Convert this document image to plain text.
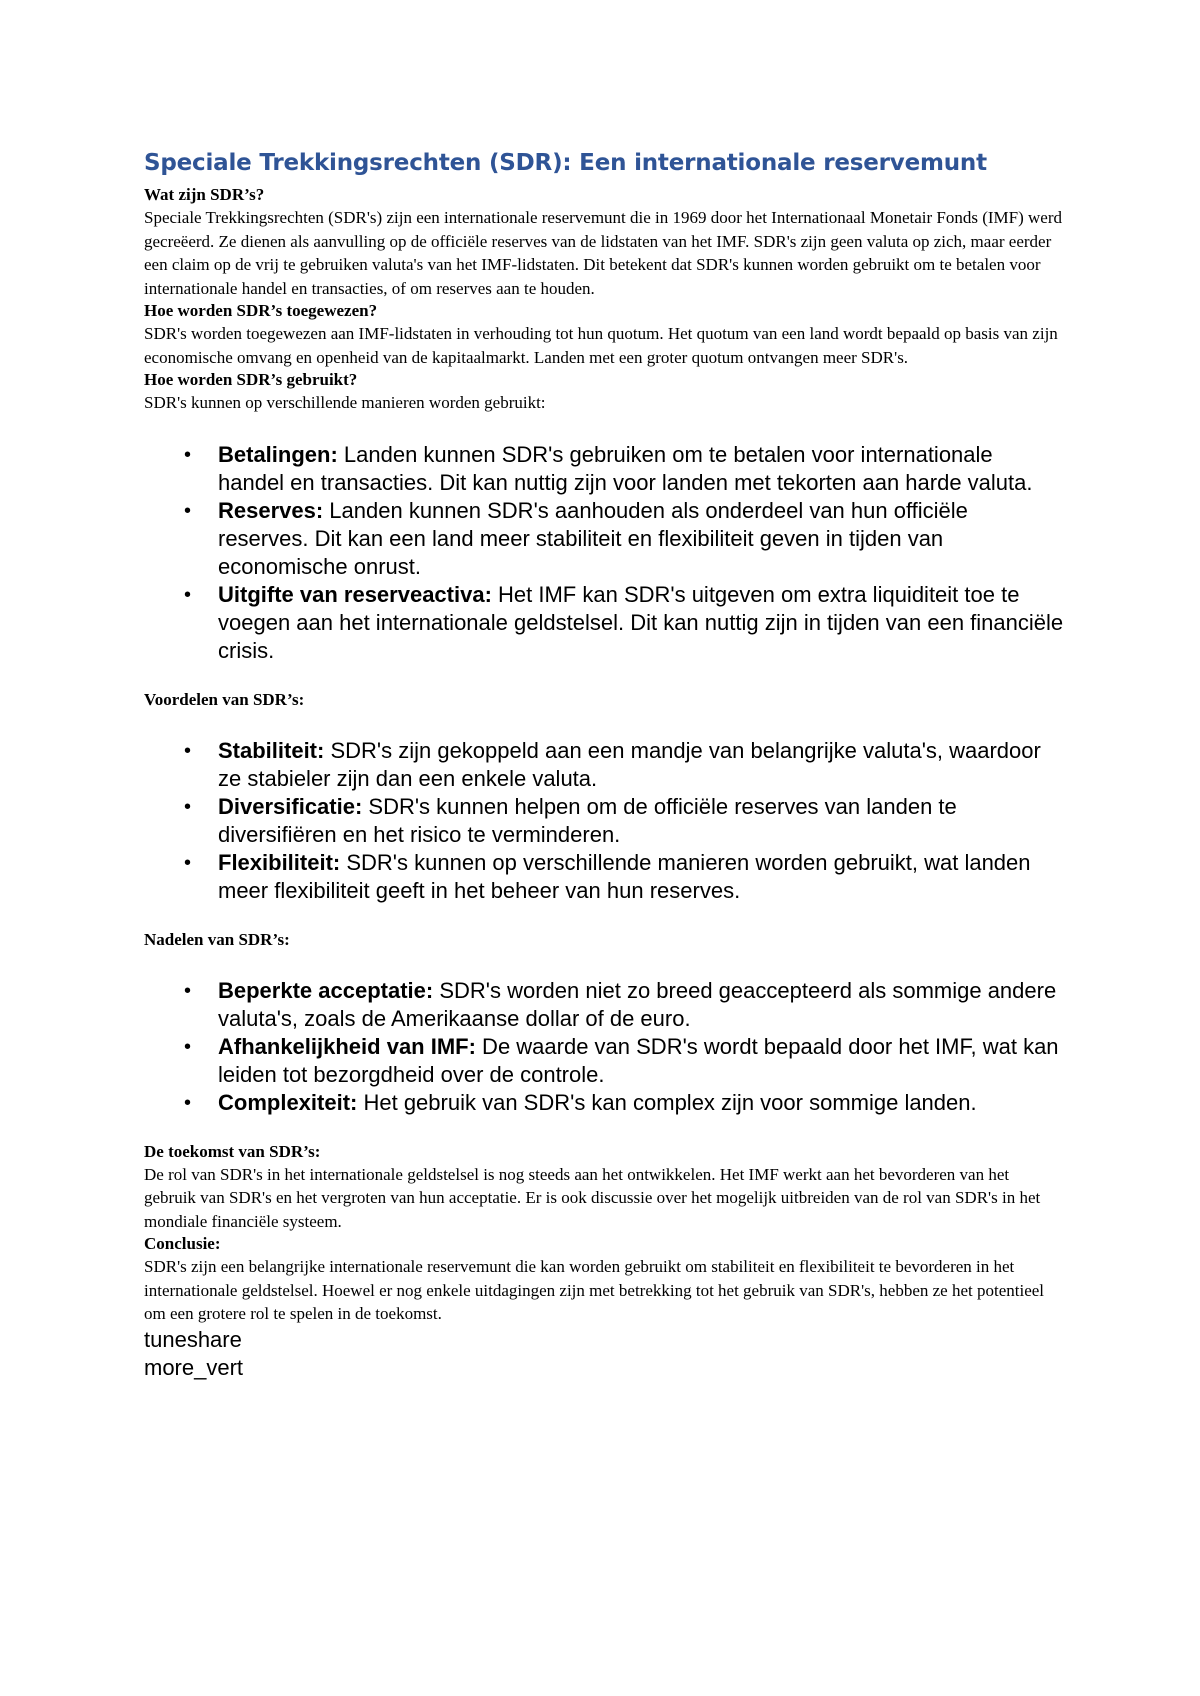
Speciale Trekkingsrechten (SDR): Een internationale reservemunt

Wat zijn SDR’s?

Speciale Trekkingsrechten (SDR's) zijn een internationale reservemunt die in 1969 door het Internationaal Monetair Fonds (IMF) werd gecreëerd. Ze dienen als aanvulling op de officiële reserves van de lidstaten van het IMF. SDR's zijn geen valuta op zich, maar eerder een claim op de vrij te gebruiken valuta's van het IMF-lidstaten. Dit betekent dat SDR's kunnen worden gebruikt om te betalen voor internationale handel en transacties, of om reserves aan te houden.

Hoe worden SDR’s toegewezen?

SDR's worden toegewezen aan IMF-lidstaten in verhouding tot hun quotum. Het quotum van een land wordt bepaald op basis van zijn economische omvang en openheid van de kapitaalmarkt. Landen met een groter quotum ontvangen meer SDR's.

Hoe worden SDR’s gebruikt?

SDR's kunnen op verschillende manieren worden gebruikt:

• Betalingen: Landen kunnen SDR's gebruiken om te betalen voor internationale handel en transacties. Dit kan nuttig zijn voor landen met tekorten aan harde valuta.
• Reserves: Landen kunnen SDR's aanhouden als onderdeel van hun officiële reserves. Dit kan een land meer stabiliteit en flexibiliteit geven in tijden van economische onrust.
• Uitgifte van reserveactiva: Het IMF kan SDR's uitgeven om extra liquiditeit toe te voegen aan het internationale geldstelsel. Dit kan nuttig zijn in tijden van een financiële crisis.

Voordelen van SDR’s:

• Stabiliteit: SDR's zijn gekoppeld aan een mandje van belangrijke valuta's, waardoor ze stabieler zijn dan een enkele valuta.
• Diversificatie: SDR's kunnen helpen om de officiële reserves van landen te diversifiëren en het risico te verminderen.
• Flexibiliteit: SDR's kunnen op verschillende manieren worden gebruikt, wat landen meer flexibiliteit geeft in het beheer van hun reserves.

Nadelen van SDR’s:

• Beperkte acceptatie: SDR's worden niet zo breed geaccepteerd als sommige andere valuta's, zoals de Amerikaanse dollar of de euro.
• Afhankelijkheid van IMF: De waarde van SDR's wordt bepaald door het IMF, wat kan leiden tot bezorgdheid over de controle.
• Complexiteit: Het gebruik van SDR's kan complex zijn voor sommige landen.

De toekomst van SDR’s:

De rol van SDR's in het internationale geldstelsel is nog steeds aan het ontwikkelen. Het IMF werkt aan het bevorderen van het gebruik van SDR's en het vergroten van hun acceptatie. Er is ook discussie over het mogelijk uitbreiden van de rol van SDR's in het mondiale financiële systeem.

Conclusie:

SDR's zijn een belangrijke internationale reservemunt die kan worden gebruikt om stabiliteit en flexibiliteit te bevorderen in het internationale geldstelsel. Hoewel er nog enkele uitdagingen zijn met betrekking tot het gebruik van SDR's, hebben ze het potentieel om een grotere rol te spelen in de toekomst.

tuneshare

more_vert
